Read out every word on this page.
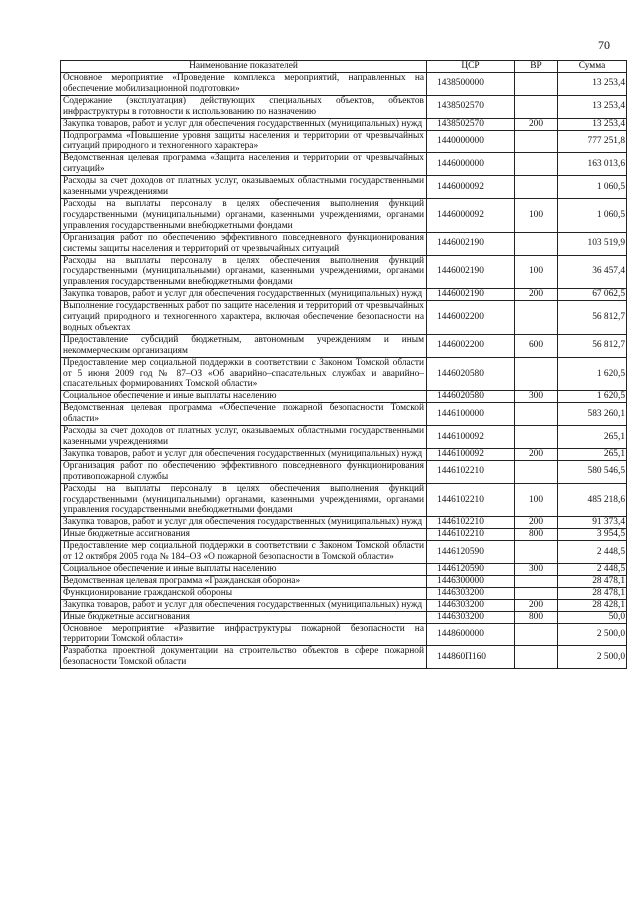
70
Наименование показателей	ЦСР	ВР	Сумма
Основное мероприятие «Проведение комплекса мероприятий, направленных на обеспечение мобилизационной подготовки»	1438500000		13 253,4
Содержание (эксплуатация) действующих специальных объектов, объектов инфраструктуры в готовности к использованию по назначению	1438502570		13 253,4
Закупка товаров, работ и услуг для обеспечения государственных (муниципальных) нужд	1438502570	200	13 253,4
Подпрограмма «Повышение уровня защиты населения и территории от чрезвычайных ситуаций природного и техногенного характера»	1440000000		777 251,8
Ведомственная целевая программа «Защита населения и территории от чрезвычайных ситуаций»	1446000000		163 013,6
Расходы за счет доходов от платных услуг, оказываемых областными государственными казенными учреждениями	1446000092		1 060,5
Расходы на выплаты персоналу в целях обеспечения выполнения функций государственными (муниципальными) органами, казенными учреждениями, органами управления государственными внебюджетными фондами	1446000092	100	1 060,5
Организация работ по обеспечению эффективного повседневного функционирования системы защиты населения и территорий от чрезвычайных ситуаций	1446002190		103 519,9
Расходы на выплаты персоналу в целях обеспечения выполнения функций государственными (муниципальными) органами, казенными учреждениями, органами управления государственными внебюджетными фондами	1446002190	100	36 457,4
Закупка товаров, работ и услуг для обеспечения государственных (муниципальных) нужд	1446002190	200	67 062,5
Выполнение государственных работ по защите населения и территорий от чрезвычайных ситуаций природного и техногенного характера, включая обеспечение безопасности на водных объектах	1446002200		56 812,7
Предоставление субсидий бюджетным, автономным учреждениям и иным некоммерческим организациям	1446002200	600	56 812,7
Предоставление мер социальной поддержки в соответствии с Законом Томской области от 5 июня 2009 год № 87–ОЗ «Об аварийно–спасательных службах и аварийно–спасательных формированиях Томской области»	1446020580		1 620,5
Социальное обеспечение и иные выплаты населению	1446020580	300	1 620,5
Ведомственная целевая программа «Обеспечение пожарной безопасности Томской области»	1446100000		583 260,1
Расходы за счет доходов от платных услуг, оказываемых областными государственными казенными учреждениями	1446100092		265,1
Закупка товаров, работ и услуг для обеспечения государственных (муниципальных) нужд	1446100092	200	265,1
Организация работ по обеспечению эффективного повседневного функционирования противопожарной службы	1446102210		580 546,5
Расходы на выплаты персоналу в целях обеспечения выполнения функций государственными (муниципальными) органами, казенными учреждениями, органами управления государственными внебюджетными фондами	1446102210	100	485 218,6
Закупка товаров, работ и услуг для обеспечения государственных (муниципальных) нужд	1446102210	200	91 373,4
Иные бюджетные ассигнования	1446102210	800	3 954,5
Предоставление мер социальной поддержки в соответствии с Законом Томской области от 12 октября 2005 года № 184–ОЗ «О пожарной безопасности в Томской области»	1446120590		2 448,5
Социальное обеспечение и иные выплаты населению	1446120590	300	2 448,5
Ведомственная целевая программа «Гражданская оборона»	1446300000		28 478,1
Функционирование гражданской обороны	1446303200		28 478,1
Закупка товаров, работ и услуг для обеспечения государственных (муниципальных) нужд	1446303200	200	28 428,1
Иные бюджетные ассигнования	1446303200	800	50,0
Основное мероприятие «Развитие инфраструктуры пожарной безопасности на территории Томской области»	1448600000		2 500,0
Разработка проектной документации на строительство объектов в сфере пожарной безопасности Томской области	144860П160		2 500,0
